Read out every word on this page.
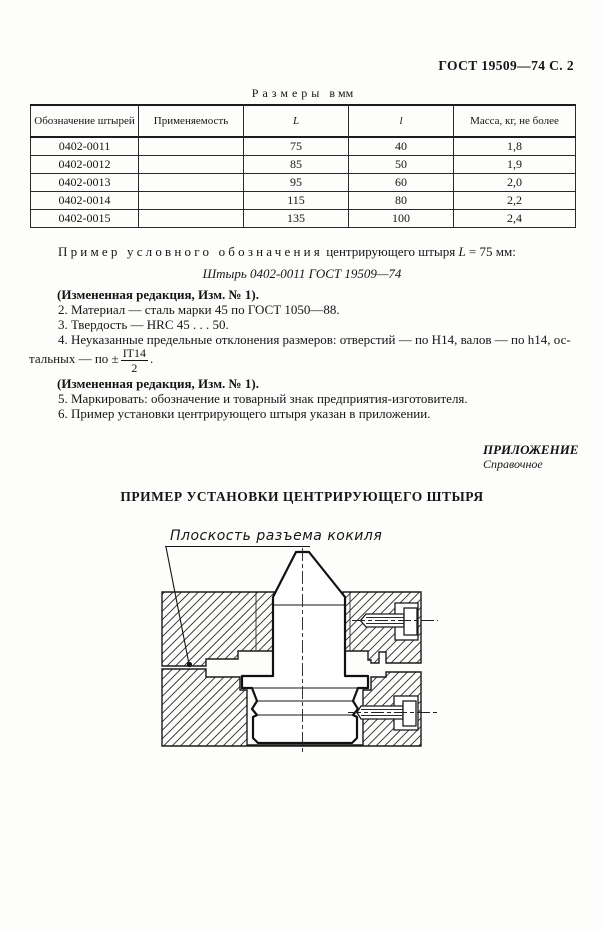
ГОСТ 19509—74 С. 2
Размеры в мм
Обозначение штырей	Применяемость	L	l	Масса, кг, не более
0402-0011		75	40	1,8
0402-0012		85	50	1,9
0402-0013		95	60	2,0
0402-0014		115	80	2,2
0402-0015		135	100	2,4
Пример условного обозначения центрирующего штыря L = 75 мм:
Штырь 0402-0011 ГОСТ 19509—74
(Измененная редакция, Изм. № 1).
2. Материал — сталь марки 45 по ГОСТ 1050—88.
3. Твердость — HRC 45 . . . 50.
4. Неуказанные предельные отклонения размеров: отверстий — по H14, валов — по h14, ос-
тальных — по ± $\frac{IT14}{2}$ .
(Измененная редакция, Изм. № 1).
5. Маркировать: обозначение и товарный знак предприятия-изготовителя.
6. Пример установки центрирующего штыря указан в приложении.
ПРИЛОЖЕНИЕ
Справочное
ПРИМЕР УСТАНОВКИ ЦЕНТРИРУЮЩЕГО ШТЫРЯ
Плоскость разъема кокиля
